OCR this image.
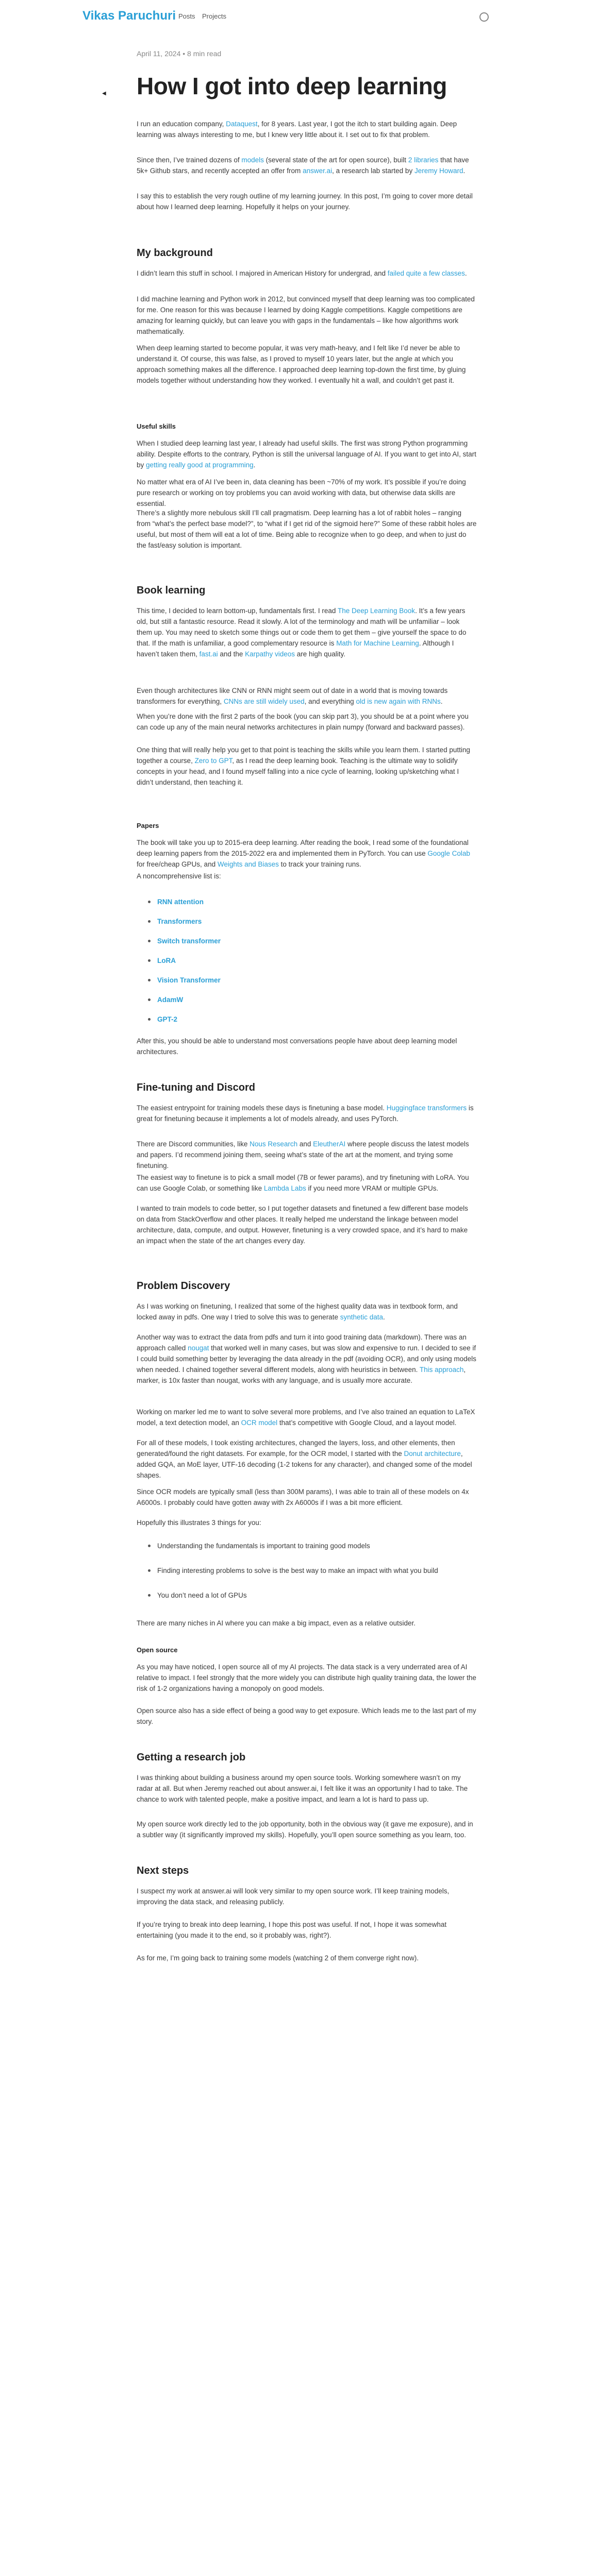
Vikas Paruchuri Posts Projects
◀
April 11, 2024 • 8 min read
How I got into deep learning

I run an education company, Dataquest, for 8 years. Last year, I got the itch to start building again. Deep learning was always interesting to me, but I knew very little about it. I set out to fix that problem.

Since then, I’ve trained dozens of models (several state of the art for open source), built 2 libraries that have 5k+ Github stars, and recently accepted an offer from answer.ai, a research lab started by Jeremy Howard.

I say this to establish the very rough outline of my learning journey. In this post, I’m going to cover more detail about how I learned deep learning. Hopefully it helps on your journey.

My background

I didn’t learn this stuff in school. I majored in American History for undergrad, and failed quite a few classes.

I did machine learning and Python work in 2012, but convinced myself that deep learning was too complicated for me. One reason for this was because I learned by doing Kaggle competitions. Kaggle competitions are amazing for learning quickly, but can leave you with gaps in the fundamentals – like how algorithms work mathematically.

When deep learning started to become popular, it was very math-heavy, and I felt like I’d never be able to understand it. Of course, this was false, as I proved to myself 10 years later, but the angle at which you approach something makes all the difference. I approached deep learning top-down the first time, by gluing models together without understanding how they worked. I eventually hit a wall, and couldn’t get past it.

Useful skills

When I studied deep learning last year, I already had useful skills. The first was strong Python programming ability. Despite efforts to the contrary, Python is still the universal language of AI. If you want to get into AI, start by getting really good at programming.

No matter what era of AI I’ve been in, data cleaning has been ~70% of my work. It’s possible if you’re doing pure research or working on toy problems you can avoid working with data, but otherwise data skills are essential.

There’s a slightly more nebulous skill I’ll call pragmatism. Deep learning has a lot of rabbit holes – ranging from “what’s the perfect base model?”, to “what if I get rid of the sigmoid here?” Some of these rabbit holes are useful, but most of them will eat a lot of time. Being able to recognize when to go deep, and when to just do the fast/easy solution is important.

Book learning

This time, I decided to learn bottom-up, fundamentals first. I read The Deep Learning Book. It’s a few years old, but still a fantastic resource. Read it slowly. A lot of the terminology and math will be unfamiliar – look them up. You may need to sketch some things out or code them to get them – give yourself the space to do that. If the math is unfamiliar, a good complementary resource is Math for Machine Learning. Although I haven’t taken them, fast.ai and the Karpathy videos are high quality.

Even though architectures like CNN or RNN might seem out of date in a world that is moving towards transformers for everything, CNNs are still widely used, and everything old is new again with RNNs.

When you’re done with the first 2 parts of the book (you can skip part 3), you should be at a point where you can code up any of the main neural networks architectures in plain numpy (forward and backward passes).

One thing that will really help you get to that point is teaching the skills while you learn them. I started putting together a course, Zero to GPT, as I read the deep learning book. Teaching is the ultimate way to solidify concepts in your head, and I found myself falling into a nice cycle of learning, looking up/sketching what I didn’t understand, then teaching it.

Papers

The book will take you up to 2015-era deep learning. After reading the book, I read some of the foundational deep learning papers from the 2015-2022 era and implemented them in PyTorch. You can use Google Colab for free/cheap GPUs, and Weights and Biases to track your training runs.

A noncomprehensive list is:

RNN attention
Transformers
Switch transformer
LoRA
Vision Transformer
AdamW
GPT-2

After this, you should be able to understand most conversations people have about deep learning model architectures.

Fine-tuning and Discord

The easiest entrypoint for training models these days is finetuning a base model. Huggingface transformers is great for finetuning because it implements a lot of models already, and uses PyTorch.

There are Discord communities, like Nous Research and EleutherAI where people discuss the latest models and papers. I’d recommend joining them, seeing what’s state of the art at the moment, and trying some finetuning.

The easiest way to finetune is to pick a small model (7B or fewer params), and try finetuning with LoRA. You can use Google Colab, or something like Lambda Labs if you need more VRAM or multiple GPUs.

I wanted to train models to code better, so I put together datasets and finetuned a few different base models on data from StackOverflow and other places. It really helped me understand the linkage between model architecture, data, compute, and output. However, finetuning is a very crowded space, and it’s hard to make an impact when the state of the art changes every day.

Problem Discovery

As I was working on finetuning, I realized that some of the highest quality data was in textbook form, and locked away in pdfs. One way I tried to solve this was to generate synthetic data.

Another way was to extract the data from pdfs and turn it into good training data (markdown). There was an approach called nougat that worked well in many cases, but was slow and expensive to run. I decided to see if I could build something better by leveraging the data already in the pdf (avoiding OCR), and only using models when needed. I chained together several different models, along with heuristics in between. This approach, marker, is 10x faster than nougat, works with any language, and is usually more accurate.

Working on marker led me to want to solve several more problems, and I’ve also trained an equation to LaTeX model, a text detection model, an OCR model that’s competitive with Google Cloud, and a layout model.

For all of these models, I took existing architectures, changed the layers, loss, and other elements, then generated/found the right datasets. For example, for the OCR model, I started with the Donut architecture, added GQA, an MoE layer, UTF-16 decoding (1-2 tokens for any character), and changed some of the model shapes.

Since OCR models are typically small (less than 300M params), I was able to train all of these models on 4x A6000s. I probably could have gotten away with 2x A6000s if I was a bit more efficient.

Hopefully this illustrates 3 things for you:

Understanding the fundamentals is important to training good models
Finding interesting problems to solve is the best way to make an impact with what you build
You don’t need a lot of GPUs

There are many niches in AI where you can make a big impact, even as a relative outsider.

Open source

As you may have noticed, I open source all of my AI projects. The data stack is a very underrated area of AI relative to impact. I feel strongly that the more widely you can distribute high quality training data, the lower the risk of 1-2 organizations having a monopoly on good models.

Open source also has a side effect of being a good way to get exposure. Which leads me to the last part of my story.

Getting a research job

I was thinking about building a business around my open source tools. Working somewhere wasn’t on my radar at all. But when Jeremy reached out about answer.ai, I felt like it was an opportunity I had to take. The chance to work with talented people, make a positive impact, and learn a lot is hard to pass up.

My open source work directly led to the job opportunity, both in the obvious way (it gave me exposure), and in a subtler way (it significantly improved my skills). Hopefully, you’ll open source something as you learn, too.

Next steps

I suspect my work at answer.ai will look very similar to my open source work. I’ll keep training models, improving the data stack, and releasing publicly.

If you’re trying to break into deep learning, I hope this post was useful. If not, I hope it was somewhat entertaining (you made it to the end, so it probably was, right?).

As for me, I’m going back to training some models (watching 2 of them converge right now).
